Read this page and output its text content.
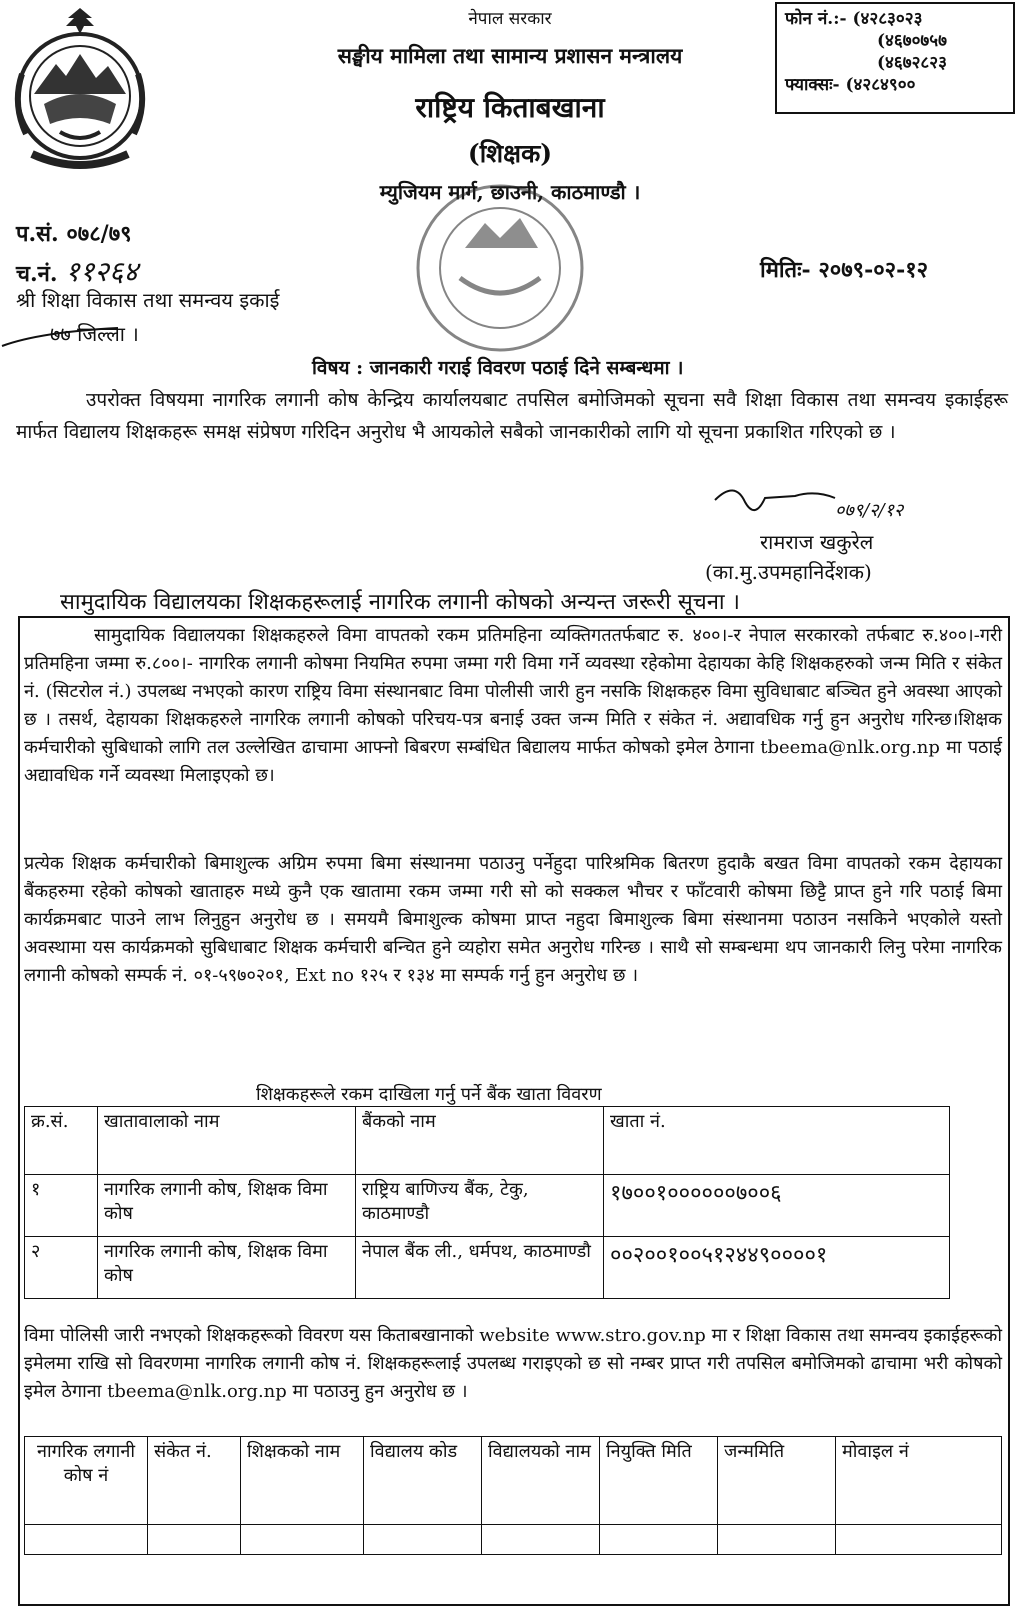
नेपाल सरकार
सङ्घीय मामिला तथा सामान्य प्रशासन मन्त्रालय
राष्ट्रिय किताबखाना
(शिक्षक)
म्युजियम मार्ग, छाउनी, काठमाण्डौ ।
फोन नं.:- (४२८३०२३
(४६७०७५७
(४६७२८२३
फ्याक्सः- (४२८४९००
प.सं. ०७८/७९
च.नं. ११२६४	मितिः- २०७९-०२-१२
श्री शिक्षा विकास तथा समन्वय इकाई
७७ जिल्ला ।
विषय : जानकारी गराई विवरण पठाई दिने सम्बन्धमा ।
उपरोक्त विषयमा नागरिक लगानी कोष केन्द्रिय कार्यालयबाट तपसिल बमोजिमको सूचना सवै शिक्षा विकास तथा समन्वय इकाईहरू मार्फत विद्यालय शिक्षकहरू समक्ष संप्रेषण गरिदिन अनुरोध भै आयकोले सबैको जानकारीको लागि यो सूचना प्रकाशित गरिएको छ ।
०७९/२/१२
रामराज खकुरेल
(का.मु.उपमहानिर्देशक)
सामुदायिक विद्यालयका शिक्षकहरूलाई नागरिक लगानी कोषको अन्यन्त जरूरी सूचना ।
सामुदायिक विद्यालयका शिक्षकहरुले विमा वापतको रकम प्रतिमहिना व्यक्तिगततर्फबाट रु. ४००।-र नेपाल सरकारको तर्फबाट रु.४००।-गरी प्रतिमहिना जम्मा रु.८००।- नागरिक लगानी कोषमा नियमित रुपमा जम्मा गरी विमा गर्ने व्यवस्था रहेकोमा देहायका केहि शिक्षकहरुको जन्म मिति र संकेत नं. (सिटरोल नं.) उपलब्ध नभएको कारण राष्ट्रिय विमा संस्थानबाट विमा पोलीसी जारी हुन नसकि शिक्षकहरु विमा सुविधाबाट बञ्चित हुने अवस्था आएको छ । तसर्थ, देहायका शिक्षकहरुले नागरिक लगानी कोषको परिचय-पत्र बनाई उक्त जन्म मिति र संकेत नं. अद्यावधिक गर्नु हुन अनुरोध गरिन्छ।शिक्षक कर्मचारीको सुबिधाको लागि तल उल्लेखित ढाचामा आफ्नो बिबरण सम्बंधित बिद्यालय मार्फत कोषको इमेल ठेगाना tbeema@nlk.org.np मा पठाई अद्यावधिक गर्ने व्यवस्था मिलाइएको छ।
प्रत्येक शिक्षक कर्मचारीको बिमाशुल्क अग्रिम रुपमा बिमा संस्थानमा पठाउनु पर्नेहुदा पारिश्रमिक बितरण हुदाकै बखत विमा वापतको रकम देहायका बैंकहरुमा रहेको कोषको खाताहरु मध्ये कुनै एक खातामा रकम जम्मा गरी सो को सक्कल भौचर र फाँटवारी कोषमा छिट्टै प्राप्त हुने गरि पठाई बिमा कार्यक्रमबाट पाउने लाभ लिनुहुन अनुरोध छ । समयमै बिमाशुल्क कोषमा प्राप्त नहुदा बिमाशुल्क बिमा संस्थानमा पठाउन नसकिने भएकोले यस्तो अवस्थामा यस कार्यक्रमको सुबिधाबाट शिक्षक कर्मचारी बन्चित हुने व्यहोरा समेत अनुरोध गरिन्छ । साथै सो सम्बन्धमा थप जानकारी लिनु परेमा नागरिक लगानी कोषको सम्पर्क नं. ०१-५९७०२०१, Ext no १२५ र १३४ मा सम्पर्क गर्नु हुन अनुरोध छ ।
शिक्षकहरूले रकम दाखिला गर्नु पर्ने बैंक खाता विवरण
क्र.सं.	खातावालाको नाम	बैंकको नाम	खाता नं.
१	नागरिक लगानी कोष, शिक्षक विमा कोष	राष्ट्रिय बाणिज्य बैंक, टेकु, काठमाण्डौ	१७००१००००००७००६
२	नागरिक लगानी कोष, शिक्षक विमा कोष	नेपाल बैंक ली., धर्मपथ, काठमाण्डौ	००२००१००५१२४४९००००१
विमा पोलिसी जारी नभएको शिक्षकहरूको विवरण यस किताबखानाको website www.stro.gov.np मा र शिक्षा विकास तथा समन्वय इकाईहरूको इमेलमा राखि सो विवरणमा नागरिक लगानी कोष नं. शिक्षकहरूलाई उपलब्ध गराइएको छ सो नम्बर प्राप्त गरी तपसिल बमोजिमको ढाचामा भरी कोषको इमेल ठेगाना tbeema@nlk.org.np मा पठाउनु हुन अनुरोध छ ।
नागरिक लगानी कोष नं	संकेत नं.	शिक्षकको नाम	विद्यालय कोड	विद्यालयको नाम	नियुक्ति मिति	जन्ममिति	मोवाइल नं
